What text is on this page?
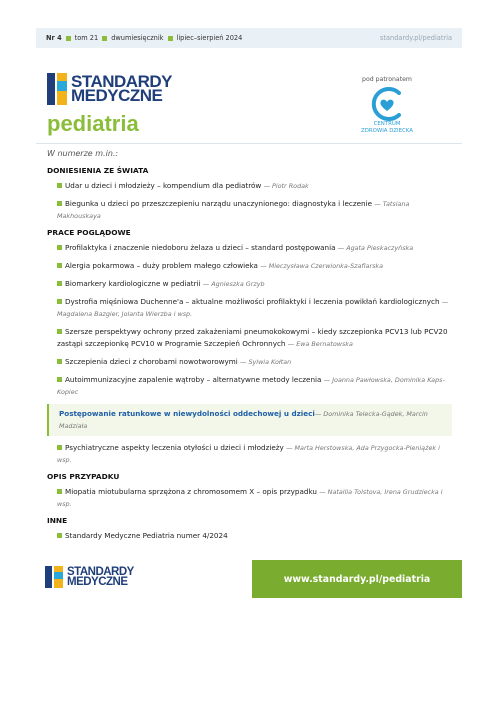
Nr 4 tom 21 dwumiesięcznik lipiec–sierpień 2024	standardy.pl/pediatria
STANDARDY
MEDYCZNE
pediatria
pod patronatem
CENTRUM
ZDROWIA DZIECKA
W numerze m.in.:
DONIESIENIA ZE ŚWIATA
Udar u dzieci i młodzieży – kompendium dla pediatrów — Piotr Rodak
Biegunka u dzieci po przeszczepieniu narządu unaczynionego: diagnostyka i leczenie — Tatsiana Makhouskaya
PRACE POGLĄDOWE
Profilaktyka i znaczenie niedoboru żelaza u dzieci – standard postępowania — Agata Pieskaczyńska
Alergia pokarmowa – duży problem małego człowieka — Mieczysława Czerwionka-Szaflarska
Biomarkery kardiologiczne w pediatrii — Agnieszka Grzyb
Dystrofia mięśniowa Duchenne'a – aktualne możliwości profilaktyki i leczenia powikłań kardiologicznych — Magdalena Bazgier, Jolanta Wierzba i wsp.
Szersze perspektywy ochrony przed zakażeniami pneumokokowymi – kiedy szczepionka PCV13 lub PCV20 zastąpi szczepionkę PCV10 w Programie Szczepień Ochronnych — Ewa Bernatowska
Szczepienia dzieci z chorobami nowotworowymi — Sylwia Kołtan
Autoimmunizacyjne zapalenie wątroby – alternatywne metody leczenia — Joanna Pawłowska, Dominika Kaps-Kopiec
Postępowanie ratunkowe w niewydolności oddechowej u dzieci— Dominika Telecka-Gądek, Marcin Madziała
Psychiatryczne aspekty leczenia otyłości u dzieci i młodzieży — Marta Herstowska, Ada Przygocka-Pieniążek i wsp.
OPIS PRZYPADKU
Miopatia miotubularna sprzężona z chromosomem X – opis przypadku — Natallia Tolstova, Irena Grudziecka i wsp.
INNE
Standardy Medyczne Pediatria numer 4/2024
STANDARDY
MEDYCZNE	www.standardy.pl/pediatria
